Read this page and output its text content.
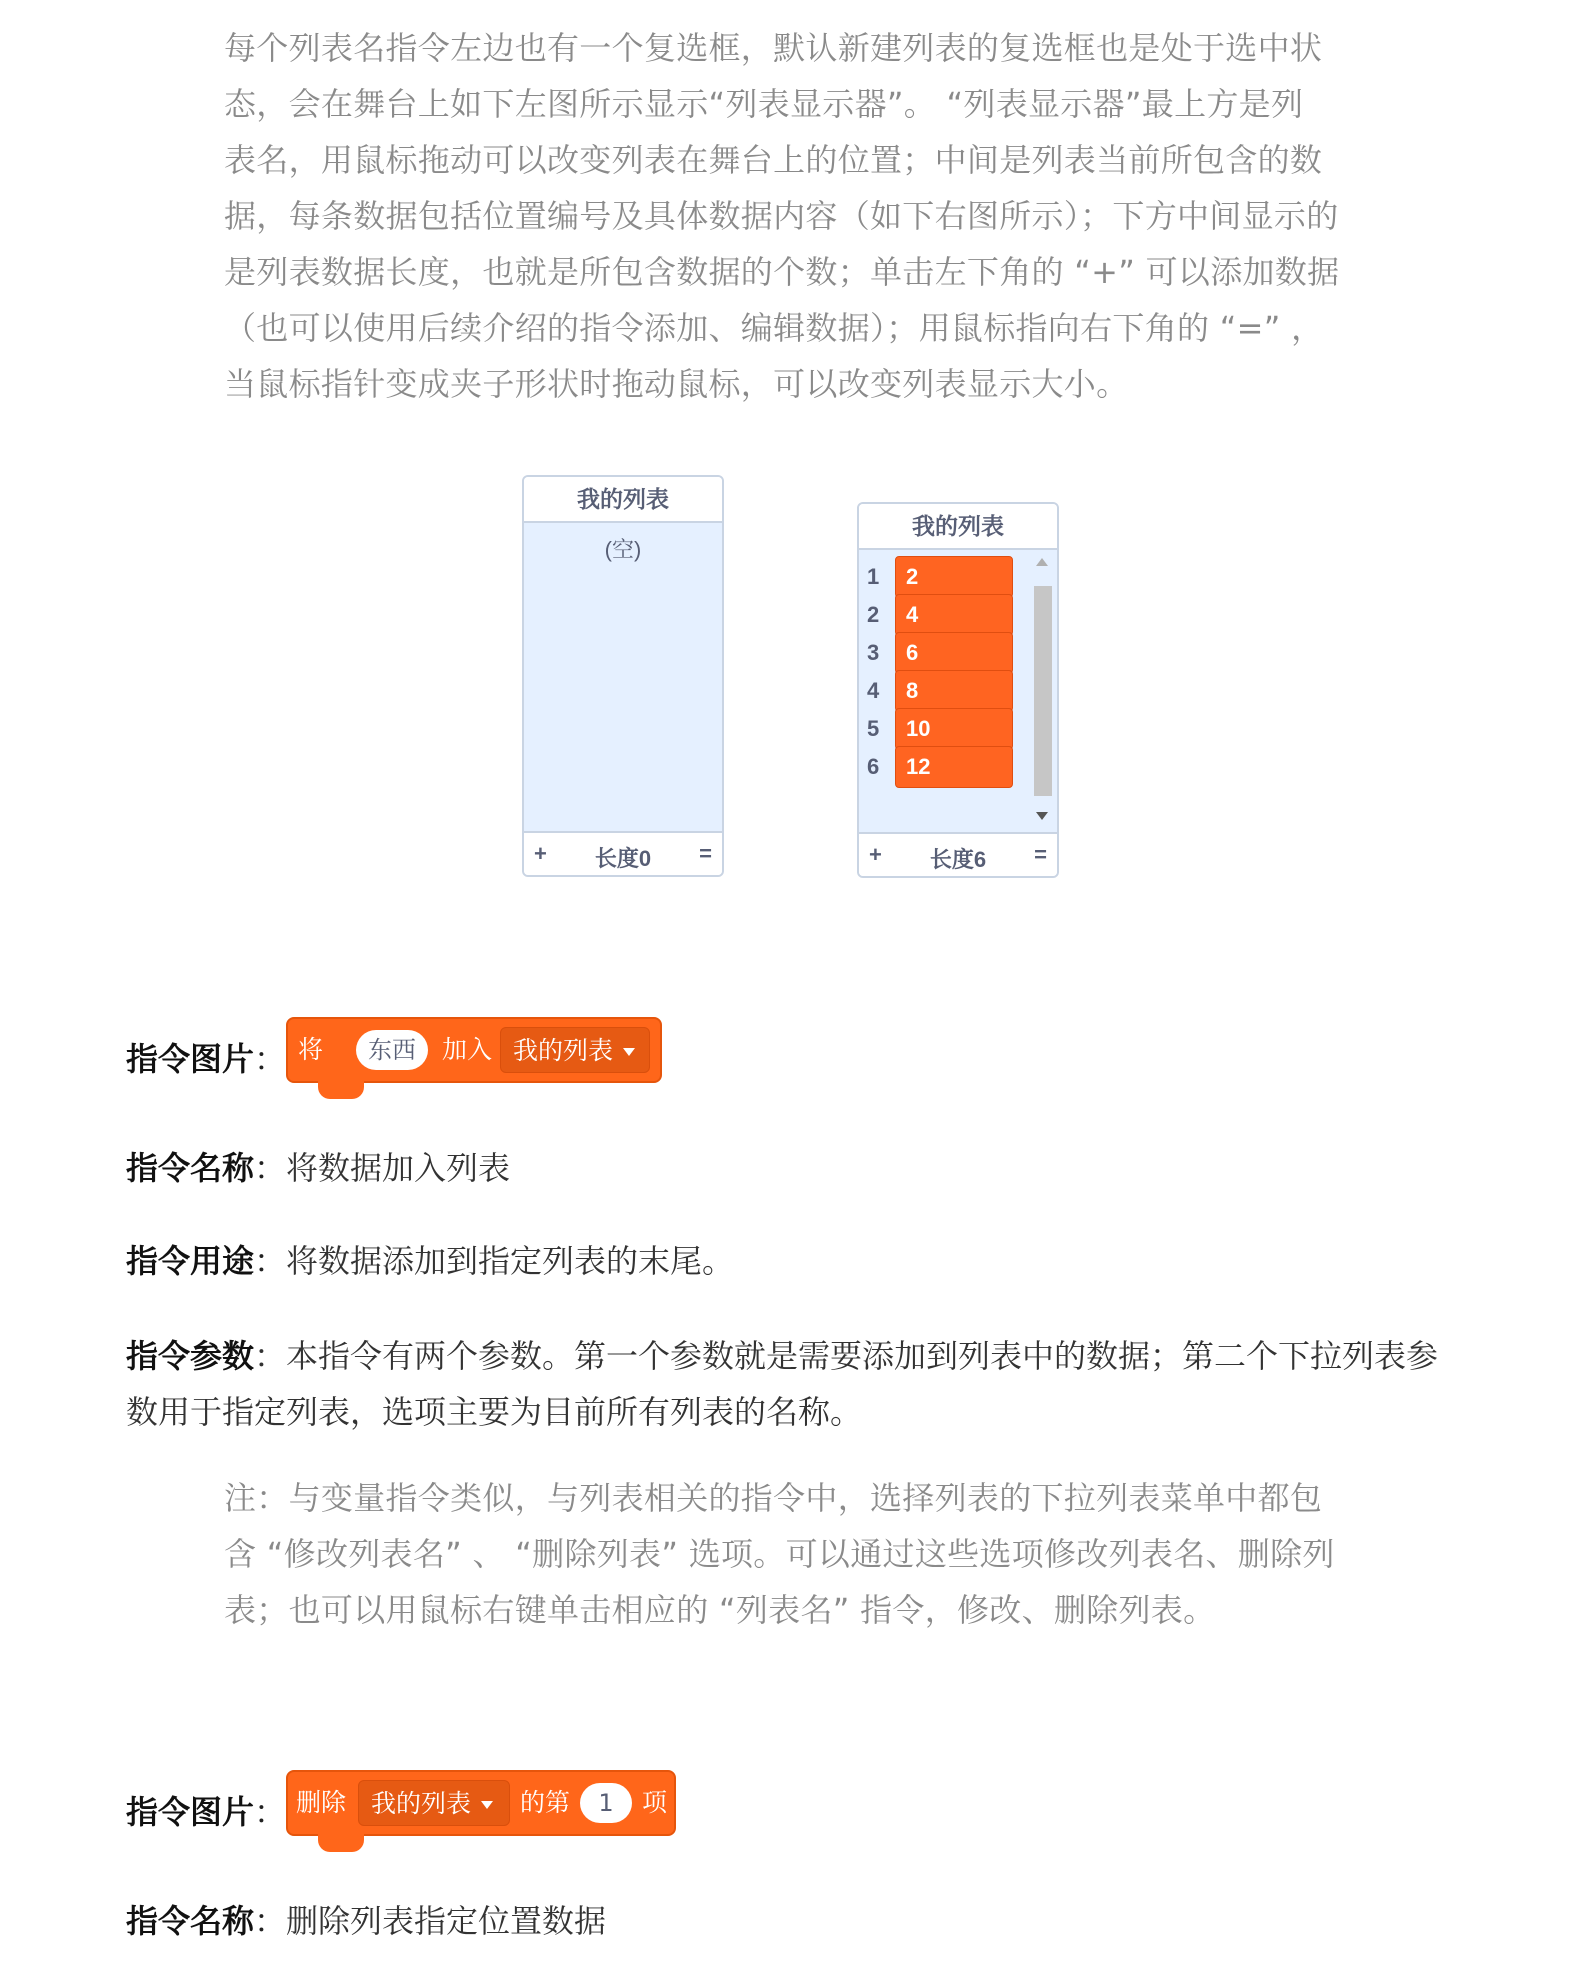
每个列表名指令左边也有一个复选框，默认新建列表的复选框也是处于选中状

态，会在舞台上如下左图所示显示“列表显示器”。 “列表显示器”最上方是列

表名，用鼠标拖动可以改变列表在舞台上的位置；中间是列表当前所包含的数

据，每条数据包括位置编号及具体数据内容（如下右图所示）；下方中间显示的

是列表数据长度，也就是所包含数据的个数；单击左下角的 “+” 可以添加数据

（也可以使用后续介绍的指令添加、编辑数据）；用鼠标指向右下角的 “=” ，

当鼠标指针变成夹子形状时拖动鼠标，可以改变列表显示大小。

我的列表
(空)
+	长度0	=
我的列表
1	2
2	4
3	6
4	8
5	10
6	12
+	长度6	=
指令图片： 将	东西	加入 我的列表
指令名称：将数据加入列表
指令用途：将数据添加到指定列表的末尾。

指令参数：本指令有两个参数。第一个参数就是需要添加到列表中的数据；第二个下拉列表参

数用于指定列表，选项主要为目前所有列表的名称。

注：与变量指令类似，与列表相关的指令中，选择列表的下拉列表菜单中都包

含 “修改列表名” 、 “删除列表” 选项。可以通过这些选项修改列表名、删除列

表；也可以用鼠标右键单击相应的 “列表名” 指令，修改、删除列表。

指令图片： 删除 我的列表	的第	1	项
指令名称：删除列表指定位置数据
